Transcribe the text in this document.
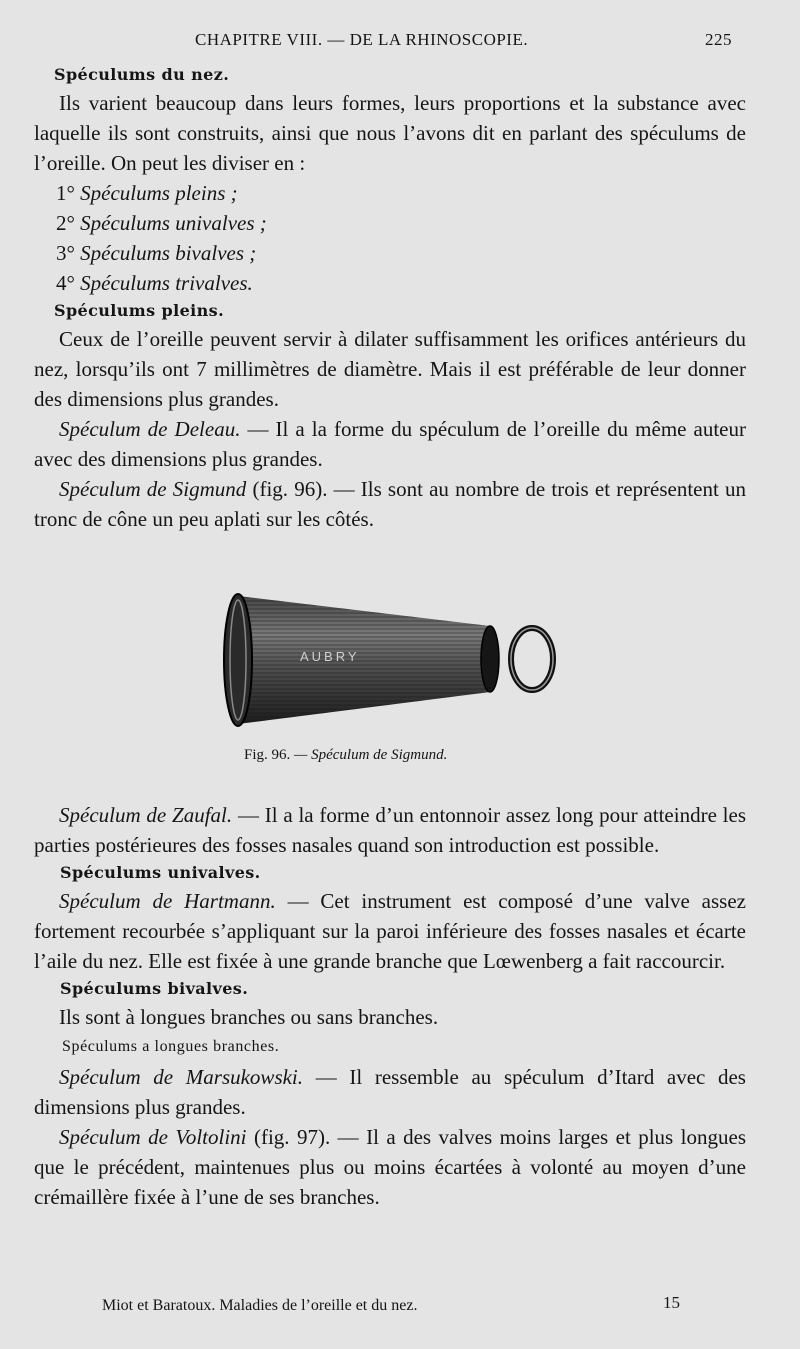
CHAPITRE VIII. — DE LA RHINOSCOPIE.	225

Spéculums du nez.

Ils varient beaucoup dans leurs formes, leurs proportions et la substance avec laquelle ils sont construits, ainsi que nous l’avons dit en parlant des spéculums de l’oreille. On peut les diviser en :

1° Spéculums pleins ;

2° Spéculums univalves ;

3° Spéculums bivalves ;

4° Spéculums trivalves.

Spéculums pleins.

Ceux de l’oreille peuvent servir à dilater suffisamment les orifices antérieurs du nez, lorsqu’ils ont 7 millimètres de diamètre. Mais il est préférable de leur donner des dimensions plus grandes.

Spéculum de Deleau. — Il a la forme du spéculum de l’oreille du même auteur avec des dimensions plus grandes.

Spéculum de Sigmund (fig. 96). — Ils sont au nombre de trois et représentent un tronc de cône un peu aplati sur les côtés.

AUBRY
Fig. 96. — Spéculum de Sigmund.

Spéculum de Zaufal. — Il a la forme d’un entonnoir assez long pour atteindre les parties postérieures des fosses nasales quand son introduction est possible.

Spéculums univalves.

Spéculum de Hartmann. — Cet instrument est composé d’une valve assez fortement recourbée s’appliquant sur la paroi inférieure des fosses nasales et écarte l’aile du nez. Elle est fixée à une grande branche que Lœwenberg a fait raccourcir.

Spéculums bivalves.

Ils sont à longues branches ou sans branches.

Spéculums a longues branches.

Spéculum de Marsukowski. — Il ressemble au spéculum d’Itard avec des dimensions plus grandes.

Spéculum de Voltolini (fig. 97). — Il a des valves moins larges et plus longues que le précédent, maintenues plus ou moins écartées à volonté au moyen d’une crémaillère fixée à l’une de ses branches.

Miot et Baratoux. Maladies de l’oreille et du nez.	15
